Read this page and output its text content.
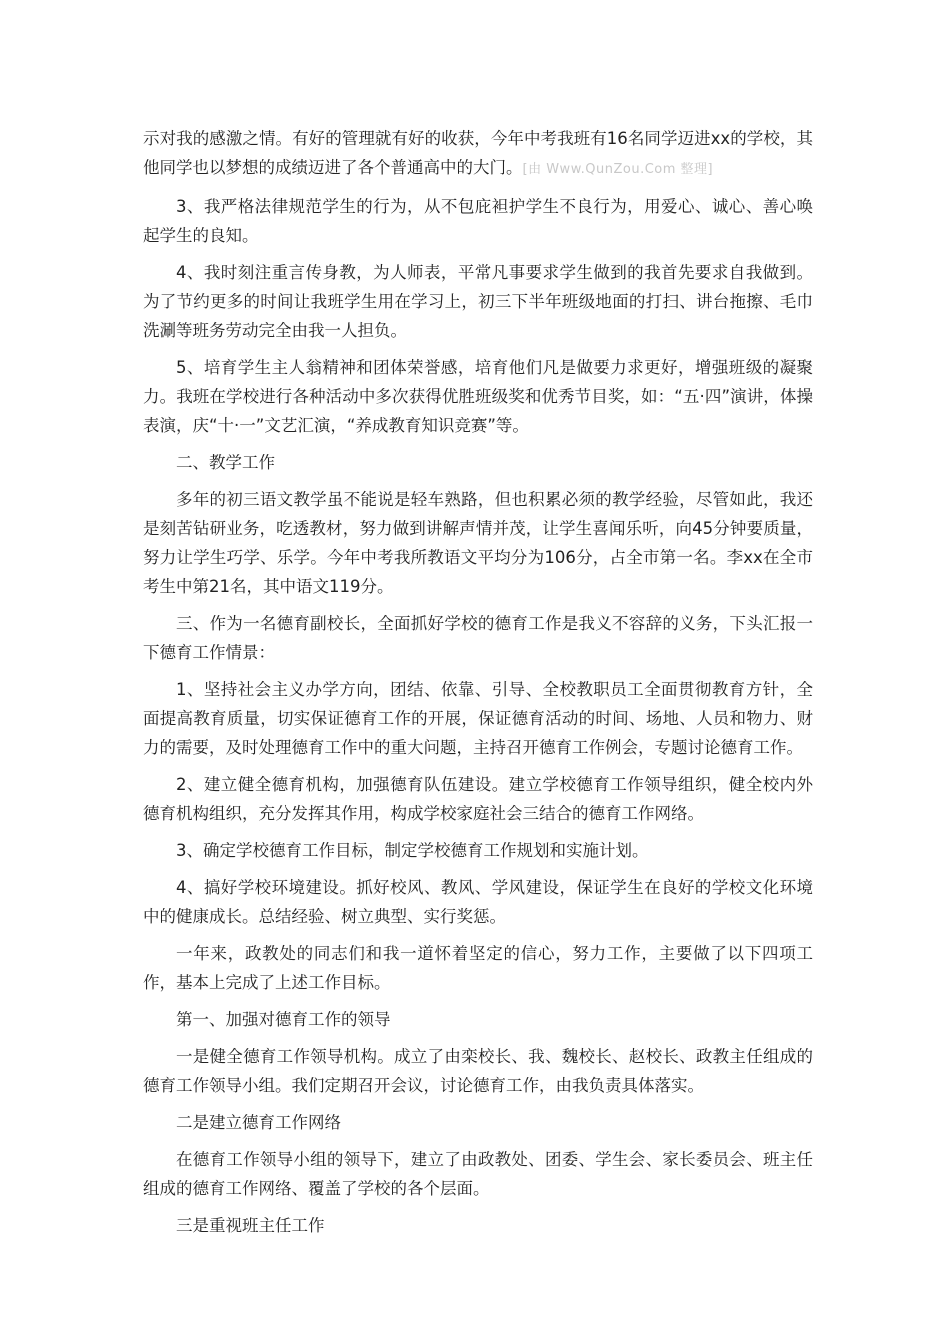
示对我的感激之情。有好的管理就有好的收获，今年中考我班有16名同学迈进xx的学校，其他同学也以梦想的成绩迈进了各个普通高中的大门。[由 Www.QunZou.Com 整理]

3、我严格法律规范学生的行为，从不包庇袒护学生不良行为，用爱心、诚心、善心唤起学生的良知。

4、我时刻注重言传身教，为人师表，平常凡事要求学生做到的我首先要求自我做到。为了节约更多的时间让我班学生用在学习上，初三下半年班级地面的打扫、讲台拖擦、毛巾洗涮等班务劳动完全由我一人担负。

5、培育学生主人翁精神和团体荣誉感，培育他们凡是做要力求更好，增强班级的凝聚力。我班在学校进行各种活动中多次获得优胜班级奖和优秀节目奖，如：“五·四”演讲，体操表演，庆“十·一”文艺汇演，“养成教育知识竞赛”等。

二、教学工作

多年的初三语文教学虽不能说是轻车熟路，但也积累必须的教学经验，尽管如此，我还是刻苦钻研业务，吃透教材，努力做到讲解声情并茂，让学生喜闻乐听，向45分钟要质量，努力让学生巧学、乐学。今年中考我所教语文平均分为106分，占全市第一名。李xx在全市考生中第21名，其中语文119分。

三、作为一名德育副校长，全面抓好学校的德育工作是我义不容辞的义务，下头汇报一下德育工作情景：

1、坚持社会主义办学方向，团结、依靠、引导、全校教职员工全面贯彻教育方针，全面提高教育质量，切实保证德育工作的开展，保证德育活动的时间、场地、人员和物力、财力的需要，及时处理德育工作中的重大问题，主持召开德育工作例会，专题讨论德育工作。

2、建立健全德育机构，加强德育队伍建设。建立学校德育工作领导组织，健全校内外德育机构组织，充分发挥其作用，构成学校家庭社会三结合的德育工作网络。

3、确定学校德育工作目标，制定学校德育工作规划和实施计划。

4、搞好学校环境建设。抓好校风、教风、学风建设，保证学生在良好的学校文化环境中的健康成长。总结经验、树立典型、实行奖惩。

一年来，政教处的同志们和我一道怀着坚定的信心，努力工作，主要做了以下四项工作，基本上完成了上述工作目标。

第一、加强对德育工作的领导

一是健全德育工作领导机构。成立了由栾校长、我、魏校长、赵校长、政教主任组成的德育工作领导小组。我们定期召开会议，讨论德育工作，由我负责具体落实。

二是建立德育工作网络

在德育工作领导小组的领导下，建立了由政教处、团委、学生会、家长委员会、班主任组成的德育工作网络、覆盖了学校的各个层面。

三是重视班主任工作
